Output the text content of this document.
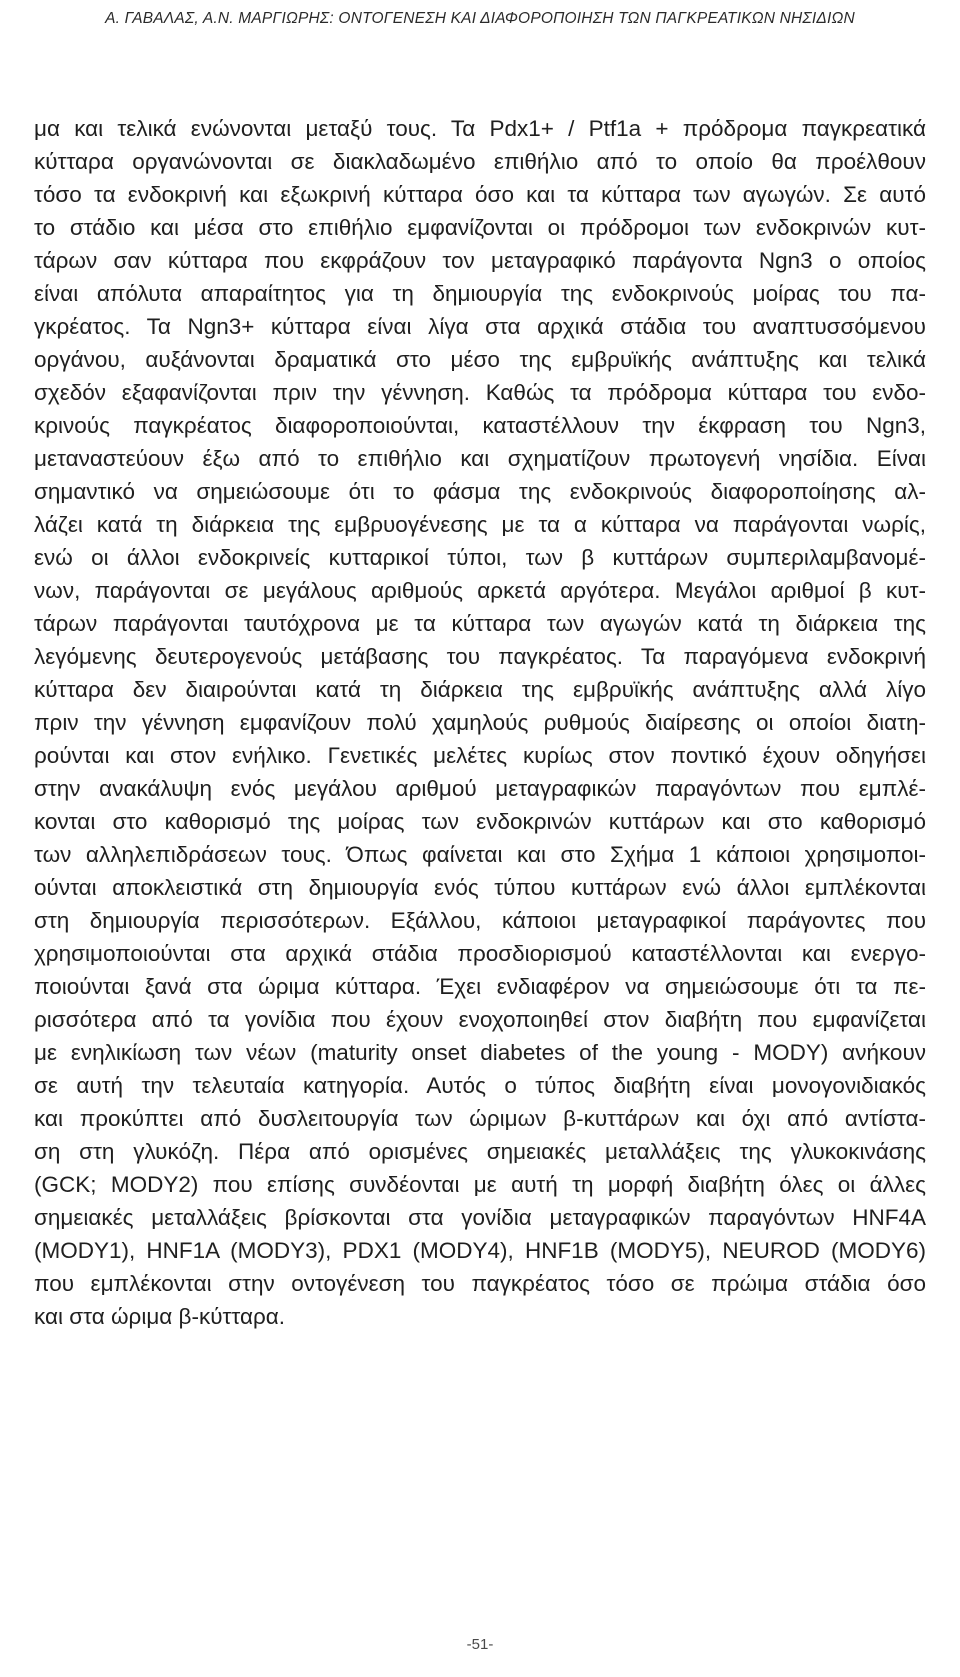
Α. ΓΑΒΑΛΑΣ, Α.Ν. ΜΑΡΓΙΩΡΗΣ: ΟΝΤΟΓΕΝΕΣΗ ΚΑΙ ΔΙΑΦΟΡΟΠΟΙΗΣΗ ΤΩΝ ΠΑΓΚΡΕΑΤΙΚΩΝ ΝΗΣΙΔΙΩΝ
μα και τελικά ενώνονται μεταξύ τους. Τα Pdx1+ / Ptf1a + πρόδρομα παγκρεατικά
κύτταρα οργανώνονται σε διακλαδωμένο επιθήλιο από το οποίο θα προέλθουν
τόσο τα ενδοκρινή και εξωκρινή κύτταρα όσο και τα κύτταρα των αγωγών. Σε αυτό
το στάδιο και μέσα στο επιθήλιο εμφανίζονται οι πρόδρομοι των ενδοκρινών κυτ-
τάρων σαν κύτταρα που εκφράζουν τον μεταγραφικό παράγοντα Ngn3 ο οποίος
είναι απόλυτα απαραίτητος για τη δημιουργία της ενδοκρινούς μοίρας του πα-
γκρέατος. Τα Ngn3+ κύτταρα είναι λίγα στα αρχικά στάδια του αναπτυσσόμενου
οργάνου, αυξάνονται δραματικά στο μέσο της εμβρυϊκής ανάπτυξης και τελικά
σχεδόν εξαφανίζονται πριν την γέννηση. Καθώς τα πρόδρομα κύτταρα του ενδο-
κρινούς παγκρέατος διαφοροποιούνται, καταστέλλουν την έκφραση του Ngn3,
μεταναστεύουν έξω από το επιθήλιο και σχηματίζουν πρωτογενή νησίδια. Είναι
σημαντικό να σημειώσουμε ότι το φάσμα της ενδοκρινούς διαφοροποίησης αλ-
λάζει κατά τη διάρκεια της εμβρυογένεσης με τα α κύτταρα να παράγονται νωρίς,
ενώ οι άλλοι ενδοκρινείς κυτταρικοί τύποι, των β κυττάρων συμπεριλαμβανομέ-
νων, παράγονται σε μεγάλους αριθμούς αρκετά αργότερα. Μεγάλοι αριθμοί β κυτ-
τάρων παράγονται ταυτόχρονα με τα κύτταρα των αγωγών κατά τη διάρκεια της
λεγόμενης δευτερογενούς μετάβασης του παγκρέατος. Τα παραγόμενα ενδοκρινή
κύτταρα δεν διαιρούνται κατά τη διάρκεια της εμβρυϊκής ανάπτυξης αλλά λίγο
πριν την γέννηση εμφανίζουν πολύ χαμηλούς ρυθμούς διαίρεσης οι οποίοι διατη-
ρούνται και στον ενήλικο. Γενετικές μελέτες κυρίως στον ποντικό έχουν οδηγήσει
στην ανακάλυψη ενός μεγάλου αριθμού μεταγραφικών παραγόντων που εμπλέ-
κονται στο καθορισμό της μοίρας των ενδοκρινών κυττάρων και στο καθορισμό
των αλληλεπιδράσεων τους. Όπως φαίνεται και στο Σχήμα 1 κάποιοι χρησιμοποι-
ούνται αποκλειστικά στη δημιουργία ενός τύπου κυττάρων ενώ άλλοι εμπλέκονται
στη δημιουργία περισσότερων. Εξάλλου, κάποιοι μεταγραφικοί παράγοντες που
χρησιμοποιούνται στα αρχικά στάδια προσδιορισμού καταστέλλονται και ενεργο-
ποιούνται ξανά στα ώριμα κύτταρα. Έχει ενδιαφέρον να σημειώσουμε ότι τα πε-
ρισσότερα από τα γονίδια που έχουν ενοχοποιηθεί στον διαβήτη που εμφανίζεται
με ενηλικίωση των νέων (maturity onset diabetes of the young - MODY) ανήκουν
σε αυτή την τελευταία κατηγορία. Αυτός ο τύπος διαβήτη είναι μονογονιδιακός
και προκύπτει από δυσλειτουργία των ώριμων β-κυττάρων και όχι από αντίστα-
ση στη γλυκόζη. Πέρα από ορισμένες σημειακές μεταλλάξεις της γλυκοκινάσης
(GCK; MODY2) που επίσης συνδέονται με αυτή τη μορφή διαβήτη όλες οι άλλες
σημειακές μεταλλάξεις βρίσκονται στα γονίδια μεταγραφικών παραγόντων HNF4A
(MODY1), HNF1A (MODY3), PDX1 (MODY4), HNF1B (MODY5), NEUROD (MODY6)
που εμπλέκονται στην οντογένεση του παγκρέατος τόσο σε πρώιμα στάδια όσο
και στα ώριμα β-κύτταρα.
-51-
